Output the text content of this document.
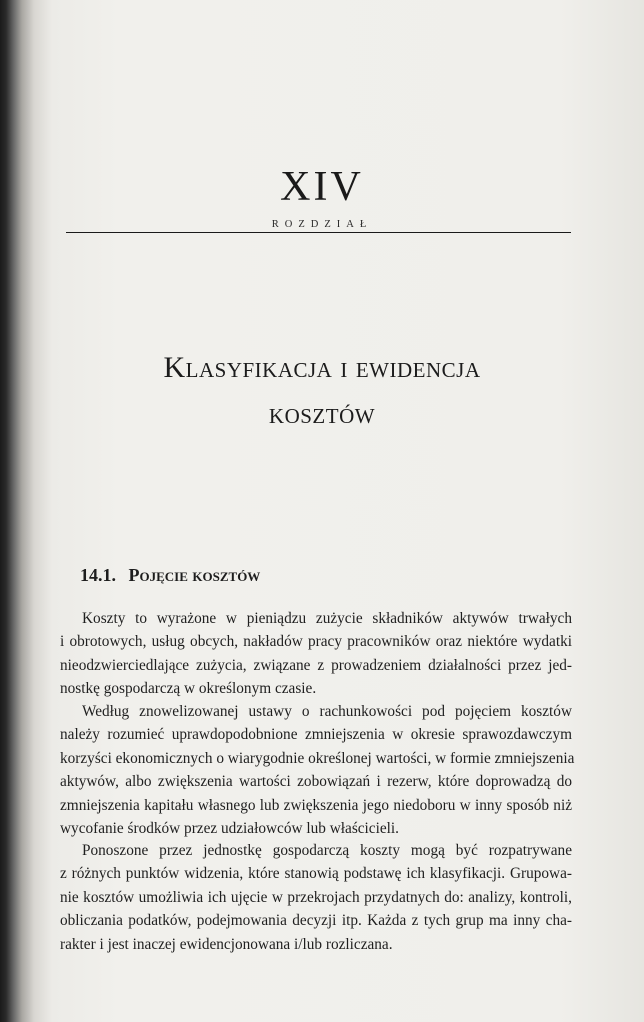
XIV
ROZDZIAŁ
Klasyfikacja i ewidencja
kosztów
14.1. Pojęcie kosztów
Koszty to wyrażone w pieniądzu zużycie składników aktywów trwałych
i obrotowych, usług obcych, nakładów pracy pracowników oraz niektóre wydatki
nieodzwierciedlające zużycia, związane z prowadzeniem działalności przez jed-
nostkę gospodarczą w określonym czasie.
Według znowelizowanej ustawy o rachunkowości pod pojęciem kosztów
należy rozumieć uprawdopodobnione zmniejszenia w okresie sprawozdawczym
korzyści ekonomicznych o wiarygodnie określonej wartości, w formie zmniejszenia
aktywów, albo zwiększenia wartości zobowiązań i rezerw, które doprowadzą do
zmniejszenia kapitału własnego lub zwiększenia jego niedoboru w inny sposób niż
wycofanie środków przez udziałowców lub właścicieli.
Ponoszone przez jednostkę gospodarczą koszty mogą być rozpatrywane
z różnych punktów widzenia, które stanowią podstawę ich klasyfikacji. Grupowa-
nie kosztów umożliwia ich ujęcie w przekrojach przydatnych do: analizy, kontroli,
obliczania podatków, podejmowania decyzji itp. Każda z tych grup ma inny cha-
rakter i jest inaczej ewidencjonowana i/lub rozliczana.
